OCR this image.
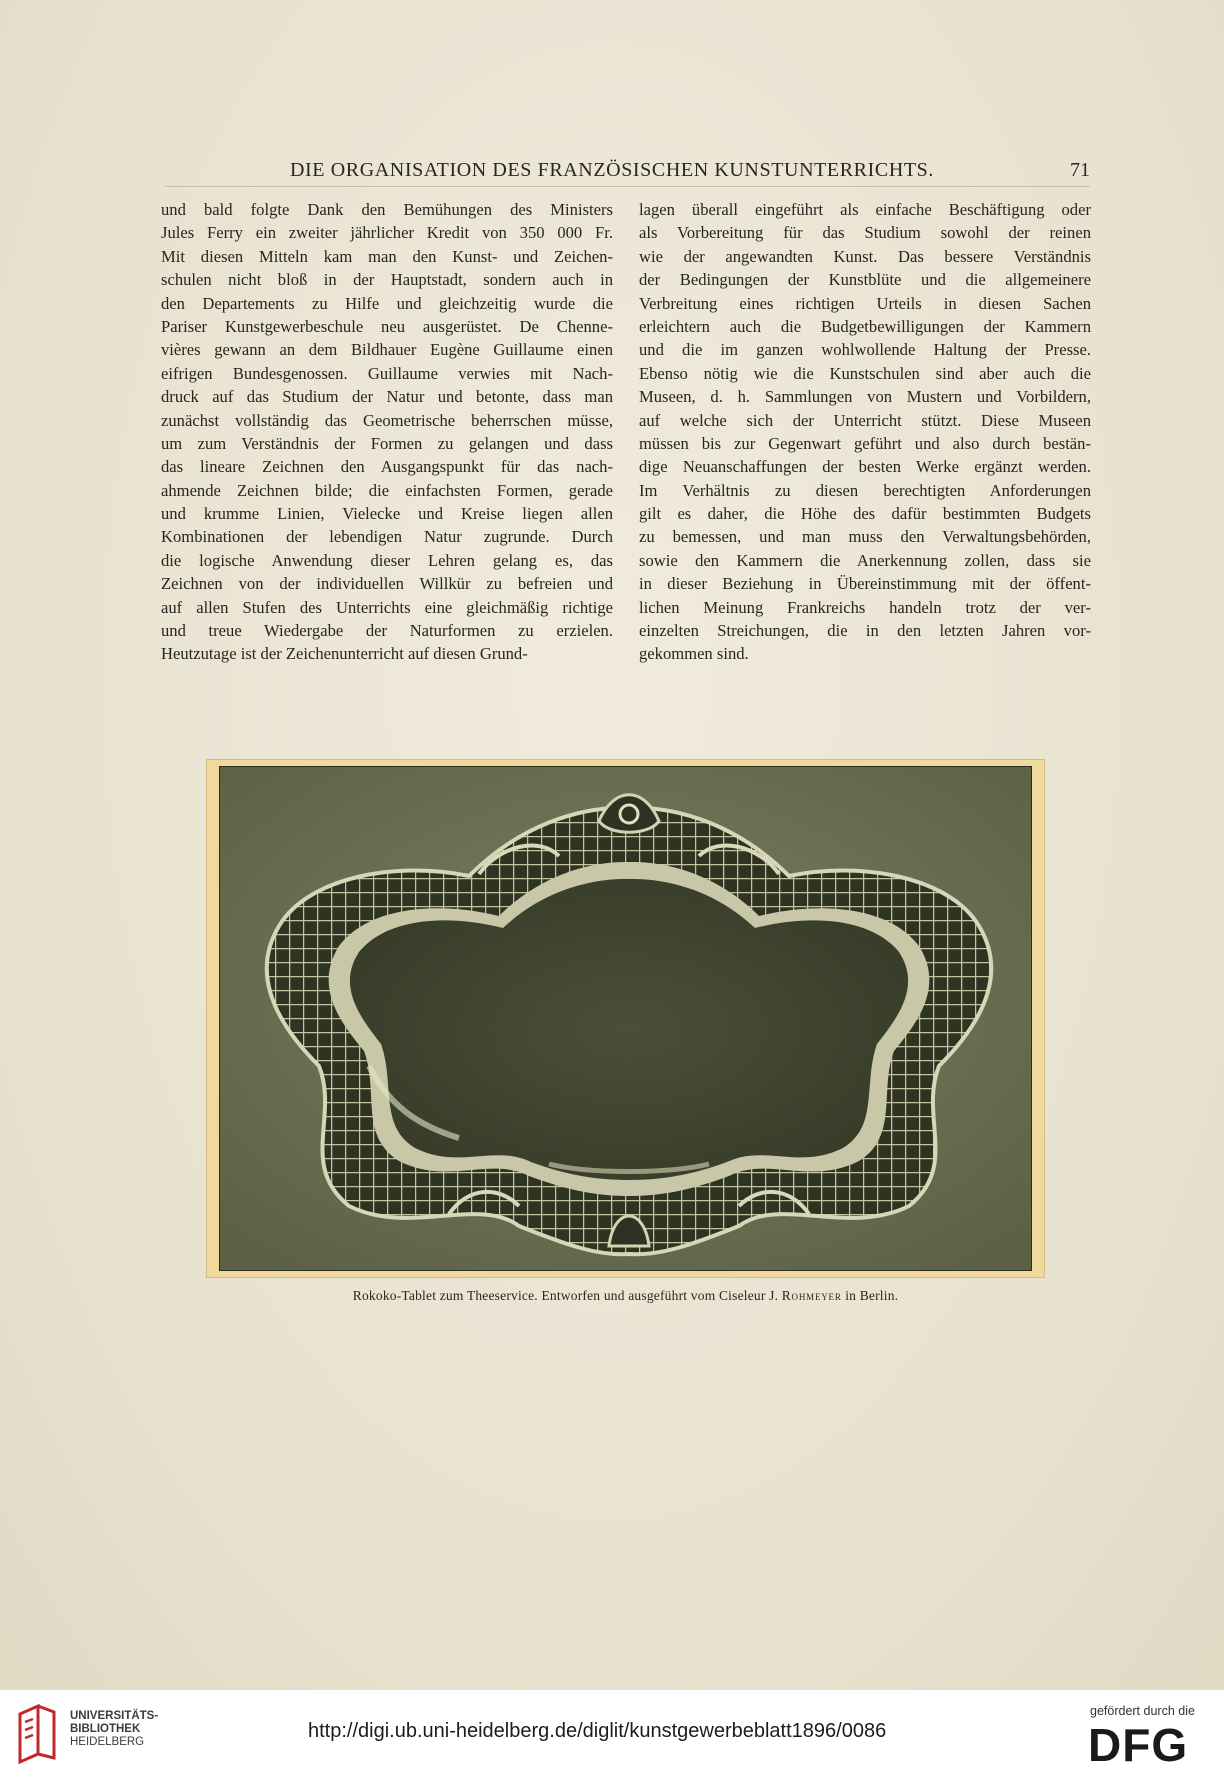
DIE ORGANISATION DES FRANZÖSISCHEN KUNSTUNTERRICHTS.	71
und bald folgte Dank den Bemühungen des Ministers
Jules Ferry ein zweiter jährlicher Kredit von 350 000 Fr.
Mit diesen Mitteln kam man den Kunst- und Zeichen-
schulen nicht bloß in der Hauptstadt, sondern auch in
den Departements zu Hilfe und gleichzeitig wurde die
Pariser Kunstgewerbeschule neu ausgerüstet. De Chenne-
vières gewann an dem Bildhauer Eugène Guillaume einen
eifrigen Bundesgenossen. Guillaume verwies mit Nach-
druck auf das Studium der Natur und betonte, dass man
zunächst vollständig das Geometrische beherrschen müsse,
um zum Verständnis der Formen zu gelangen und dass
das lineare Zeichnen den Ausgangspunkt für das nach-
ahmende Zeichnen bilde; die einfachsten Formen, gerade
und krumme Linien, Vielecke und Kreise liegen allen
Kombinationen der lebendigen Natur zugrunde. Durch
die logische Anwendung dieser Lehren gelang es, das
Zeichnen von der individuellen Willkür zu befreien und
auf allen Stufen des Unterrichts eine gleichmäßig richtige
und treue Wiedergabe der Naturformen zu erzielen.
Heutzutage ist der Zeichenunterricht auf diesen Grund-
lagen überall eingeführt als einfache Beschäftigung oder
als Vorbereitung für das Studium sowohl der reinen
wie der angewandten Kunst. Das bessere Verständnis
der Bedingungen der Kunstblüte und die allgemeinere
Verbreitung eines richtigen Urteils in diesen Sachen
erleichtern auch die Budgetbewilligungen der Kammern
und die im ganzen wohlwollende Haltung der Presse.
Ebenso nötig wie die Kunstschulen sind aber auch die
Museen, d. h. Sammlungen von Mustern und Vorbildern,
auf welche sich der Unterricht stützt. Diese Museen
müssen bis zur Gegenwart geführt und also durch bestän-
dige Neuanschaffungen der besten Werke ergänzt werden.
Im Verhältnis zu diesen berechtigten Anforderungen
gilt es daher, die Höhe des dafür bestimmten Budgets
zu bemessen, und man muss den Verwaltungsbehörden,
sowie den Kammern die Anerkennung zollen, dass sie
in dieser Beziehung in Übereinstimmung mit der öffent-
lichen Meinung Frankreichs handeln trotz der ver-
einzelten Streichungen, die in den letzten Jahren vor-
gekommen sind.
Rokoko-Tablet zum Theeservice. Entworfen und ausgeführt vom Ciseleur J. Rohmeyer in Berlin.
UNIVERSITÄTS-
BIBLIOTHEK
HEIDELBERG	http://digi.ub.uni-heidelberg.de/diglit/kunstgewerbeblatt1896/0086
gefördert durch die
DFG
